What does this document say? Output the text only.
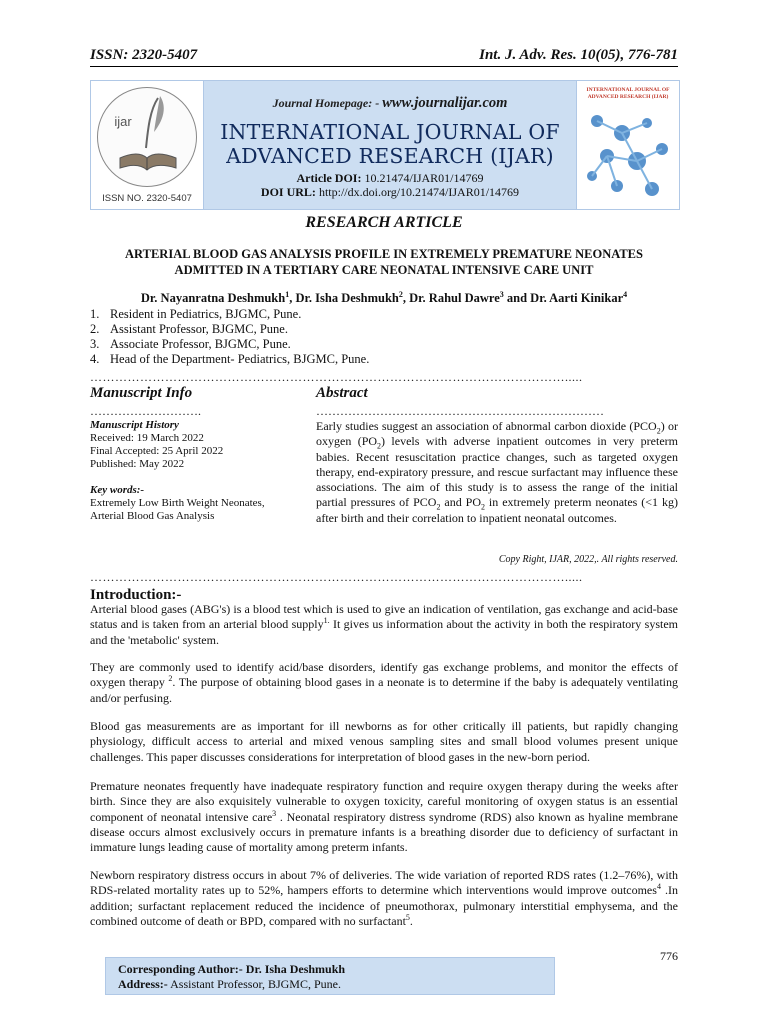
ISSN: 2320-5407	Int. J. Adv. Res. 10(05), 776-781
ijar
ISSN NO. 2320-5407
Journal Homepage: - www.journalijar.com
INTERNATIONAL JOURNAL OF
ADVANCED RESEARCH (IJAR)
Article DOI: 10.21474/IJAR01/14769
DOI URL: http://dx.doi.org/10.21474/IJAR01/14769
INTERNATIONAL JOURNAL OF ADVANCED RESEARCH (IJAR)
RESEARCH ARTICLE
ARTERIAL BLOOD GAS ANALYSIS PROFILE IN EXTREMELY PREMATURE NEONATES
ADMITTED IN A TERTIARY CARE NEONATAL INTENSIVE CARE UNIT
Dr. Nayanratna Deshmukh$^1$, Dr. Isha Deshmukh$^2$, Dr. Rahul Dawre$^3$ and Dr. Aarti Kinikar$^4$
1. Resident in Pediatrics, BJGMC, Pune.
2. Assistant Professor, BJGMC, Pune.
3. Associate Professor, BJGMC, Pune.
4. Head of the Department- Pediatrics, BJGMC, Pune.
…………………………………………………………………………………………………….....
Manuscript Info	Abstract
……………………….	………………………………………………………………
Manuscript History
Received: 19 March 2022
Final Accepted: 25 April 2022
Published: May 2022
Key words:-
Extremely Low Birth Weight Neonates,
Arterial Blood Gas Analysis
Early studies suggest an association of abnormal carbon dioxide $(PCO_2)$ or oxygen $(PO_2)$ levels with adverse inpatient outcomes in very preterm babies. Recent resuscitation practice changes, such as targeted oxygen therapy, end-expiratory pressure, and rescue surfactant may influence these associations. The aim of this study is to assess the range of the initial partial pressures of $PCO_2$ and $PO_2$ in extremely preterm neonates (<1 kg) after birth and their correlation to inpatient neonatal outcomes.
Copy Right, IJAR, 2022,. All rights reserved.
…………………………………………………………………………………………………….....
Introduction:-
Arterial blood gases (ABG's) is a blood test which is used to give an indication of ventilation, gas exchange and acid-base status and is taken from an arterial blood supply$^{1.}$ It gives us information about the activity in both the respiratory system and the 'metabolic' system.
They are commonly used to identify acid/base disorders, identify gas exchange problems, and monitor the effects of oxygen therapy $^2$. The purpose of obtaining blood gases in a neonate is to determine if the baby is adequately ventilating and/or perfusing.
Blood gas measurements are as important for ill newborns as for other critically ill patients, but rapidly changing physiology, difficult access to arterial and mixed venous sampling sites and small blood volumes present unique challenges. This paper discusses considerations for interpretation of blood gases in the new-born period.
Premature neonates frequently have inadequate respiratory function and require oxygen therapy during the weeks after birth. Since they are also exquisitely vulnerable to oxygen toxicity, careful monitoring of oxygen status is an essential component of neonatal intensive care$^3$ . Neonatal respiratory distress syndrome (RDS) also known as hyaline membrane disease occurs almost exclusively occurs in premature infants is a breathing disorder due to deficiency of surfactant in immature lungs leading cause of mortality among preterm infants.
Newborn respiratory distress occurs in about 7% of deliveries. The wide variation of reported RDS rates (1.2–76%), with RDS-related mortality rates up to 52%, hampers efforts to determine which interventions would improve outcomes$^4$ .In addition; surfactant replacement reduced the incidence of pneumothorax, pulmonary interstitial emphysema, and the combined outcome of death or BPD, compared with no surfactant$^5$.
776
Corresponding Author:- Dr. Isha Deshmukh
Address:- Assistant Professor, BJGMC, Pune.
